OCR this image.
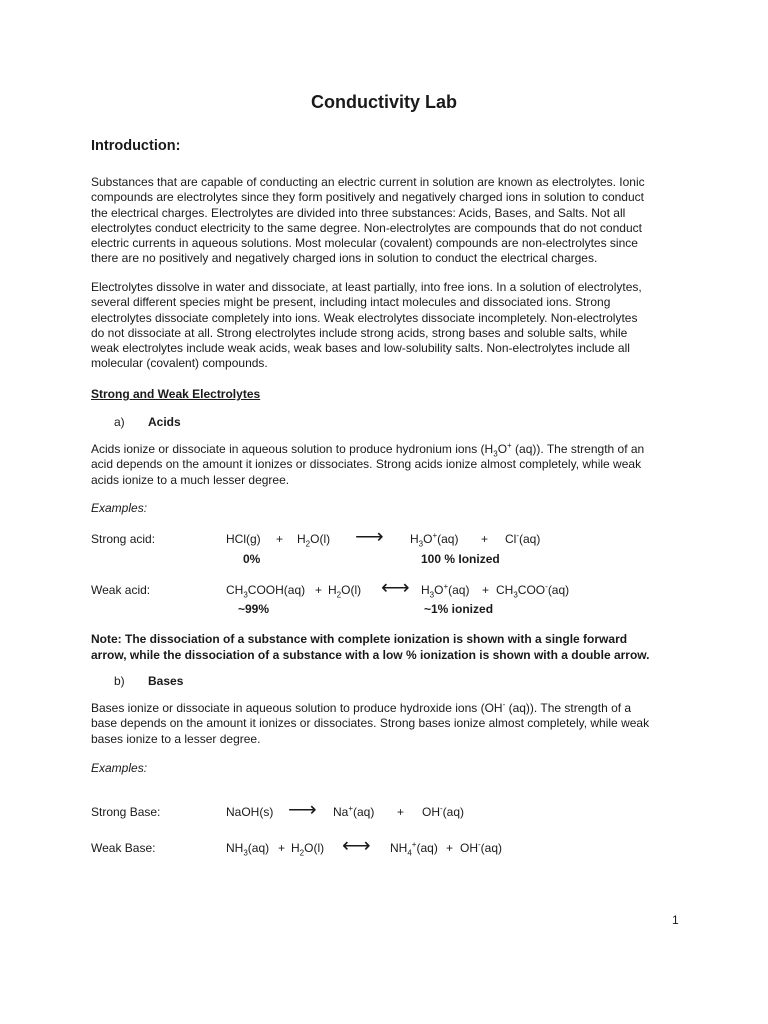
Conductivity Lab
Introduction:
Substances that are capable of conducting an electric current in solution are known as electrolytes. Ionic
compounds are electrolytes since they form positively and negatively charged ions in solution to conduct
the electrical charges. Electrolytes are divided into three substances: Acids, Bases, and Salts. Not all
electrolytes conduct electricity to the same degree. Non-electrolytes are compounds that do not conduct
electric currents in aqueous solutions. Most molecular (covalent) compounds are non-electrolytes since
there are no positively and negatively charged ions in solution to conduct the electrical charges.
Electrolytes dissolve in water and dissociate, at least partially, into free ions. In a solution of electrolytes,
several different species might be present, including intact molecules and dissociated ions. Strong
electrolytes dissociate completely into ions. Weak electrolytes dissociate incompletely. Non-electrolytes
do not dissociate at all. Strong electrolytes include strong acids, strong bases and soluble salts, while
weak electrolytes include weak acids, weak bases and low-solubility salts. Non-electrolytes include all
molecular (covalent) compounds.
Strong and Weak Electrolytes
a) Acids
Acids ionize or dissociate in aqueous solution to produce hydronium ions ($H_3O^+$ (aq)). The strength of an
acid depends on the amount it ionizes or dissociates. Strong acids ionize almost completely, while weak
acids ionize to a much lesser degree.
Examples:
Strong acid:	$HCl(g) + H_2O(l)$ ⟶ $H_3O^+(aq) + Cl^-(aq)$
0%	100 % Ionized
Weak acid:	$CH_3COOH(aq) + H_2O(l)$ ⟷ $H_3O^+(aq) + CH_3COO^-(aq)$
~99%	~1% ionized
Note: The dissociation of a substance with complete ionization is shown with a single forward
arrow, while the dissociation of a substance with a low % ionization is shown with a double arrow.
b) Bases
Bases ionize or dissociate in aqueous solution to produce hydroxide ions (OH- (aq)). The strength of a
base depends on the amount it ionizes or dissociates. Strong bases ionize almost completely, while weak
bases ionize to a lesser degree.
Examples:
Strong Base:	NaOH(s) ⟶ Na+(aq) + OH-(aq)
Weak Base:	$NH_3(aq) + H_2O(l)$ ⟷ $NH_4^+(aq) + OH^-(aq)$
1
